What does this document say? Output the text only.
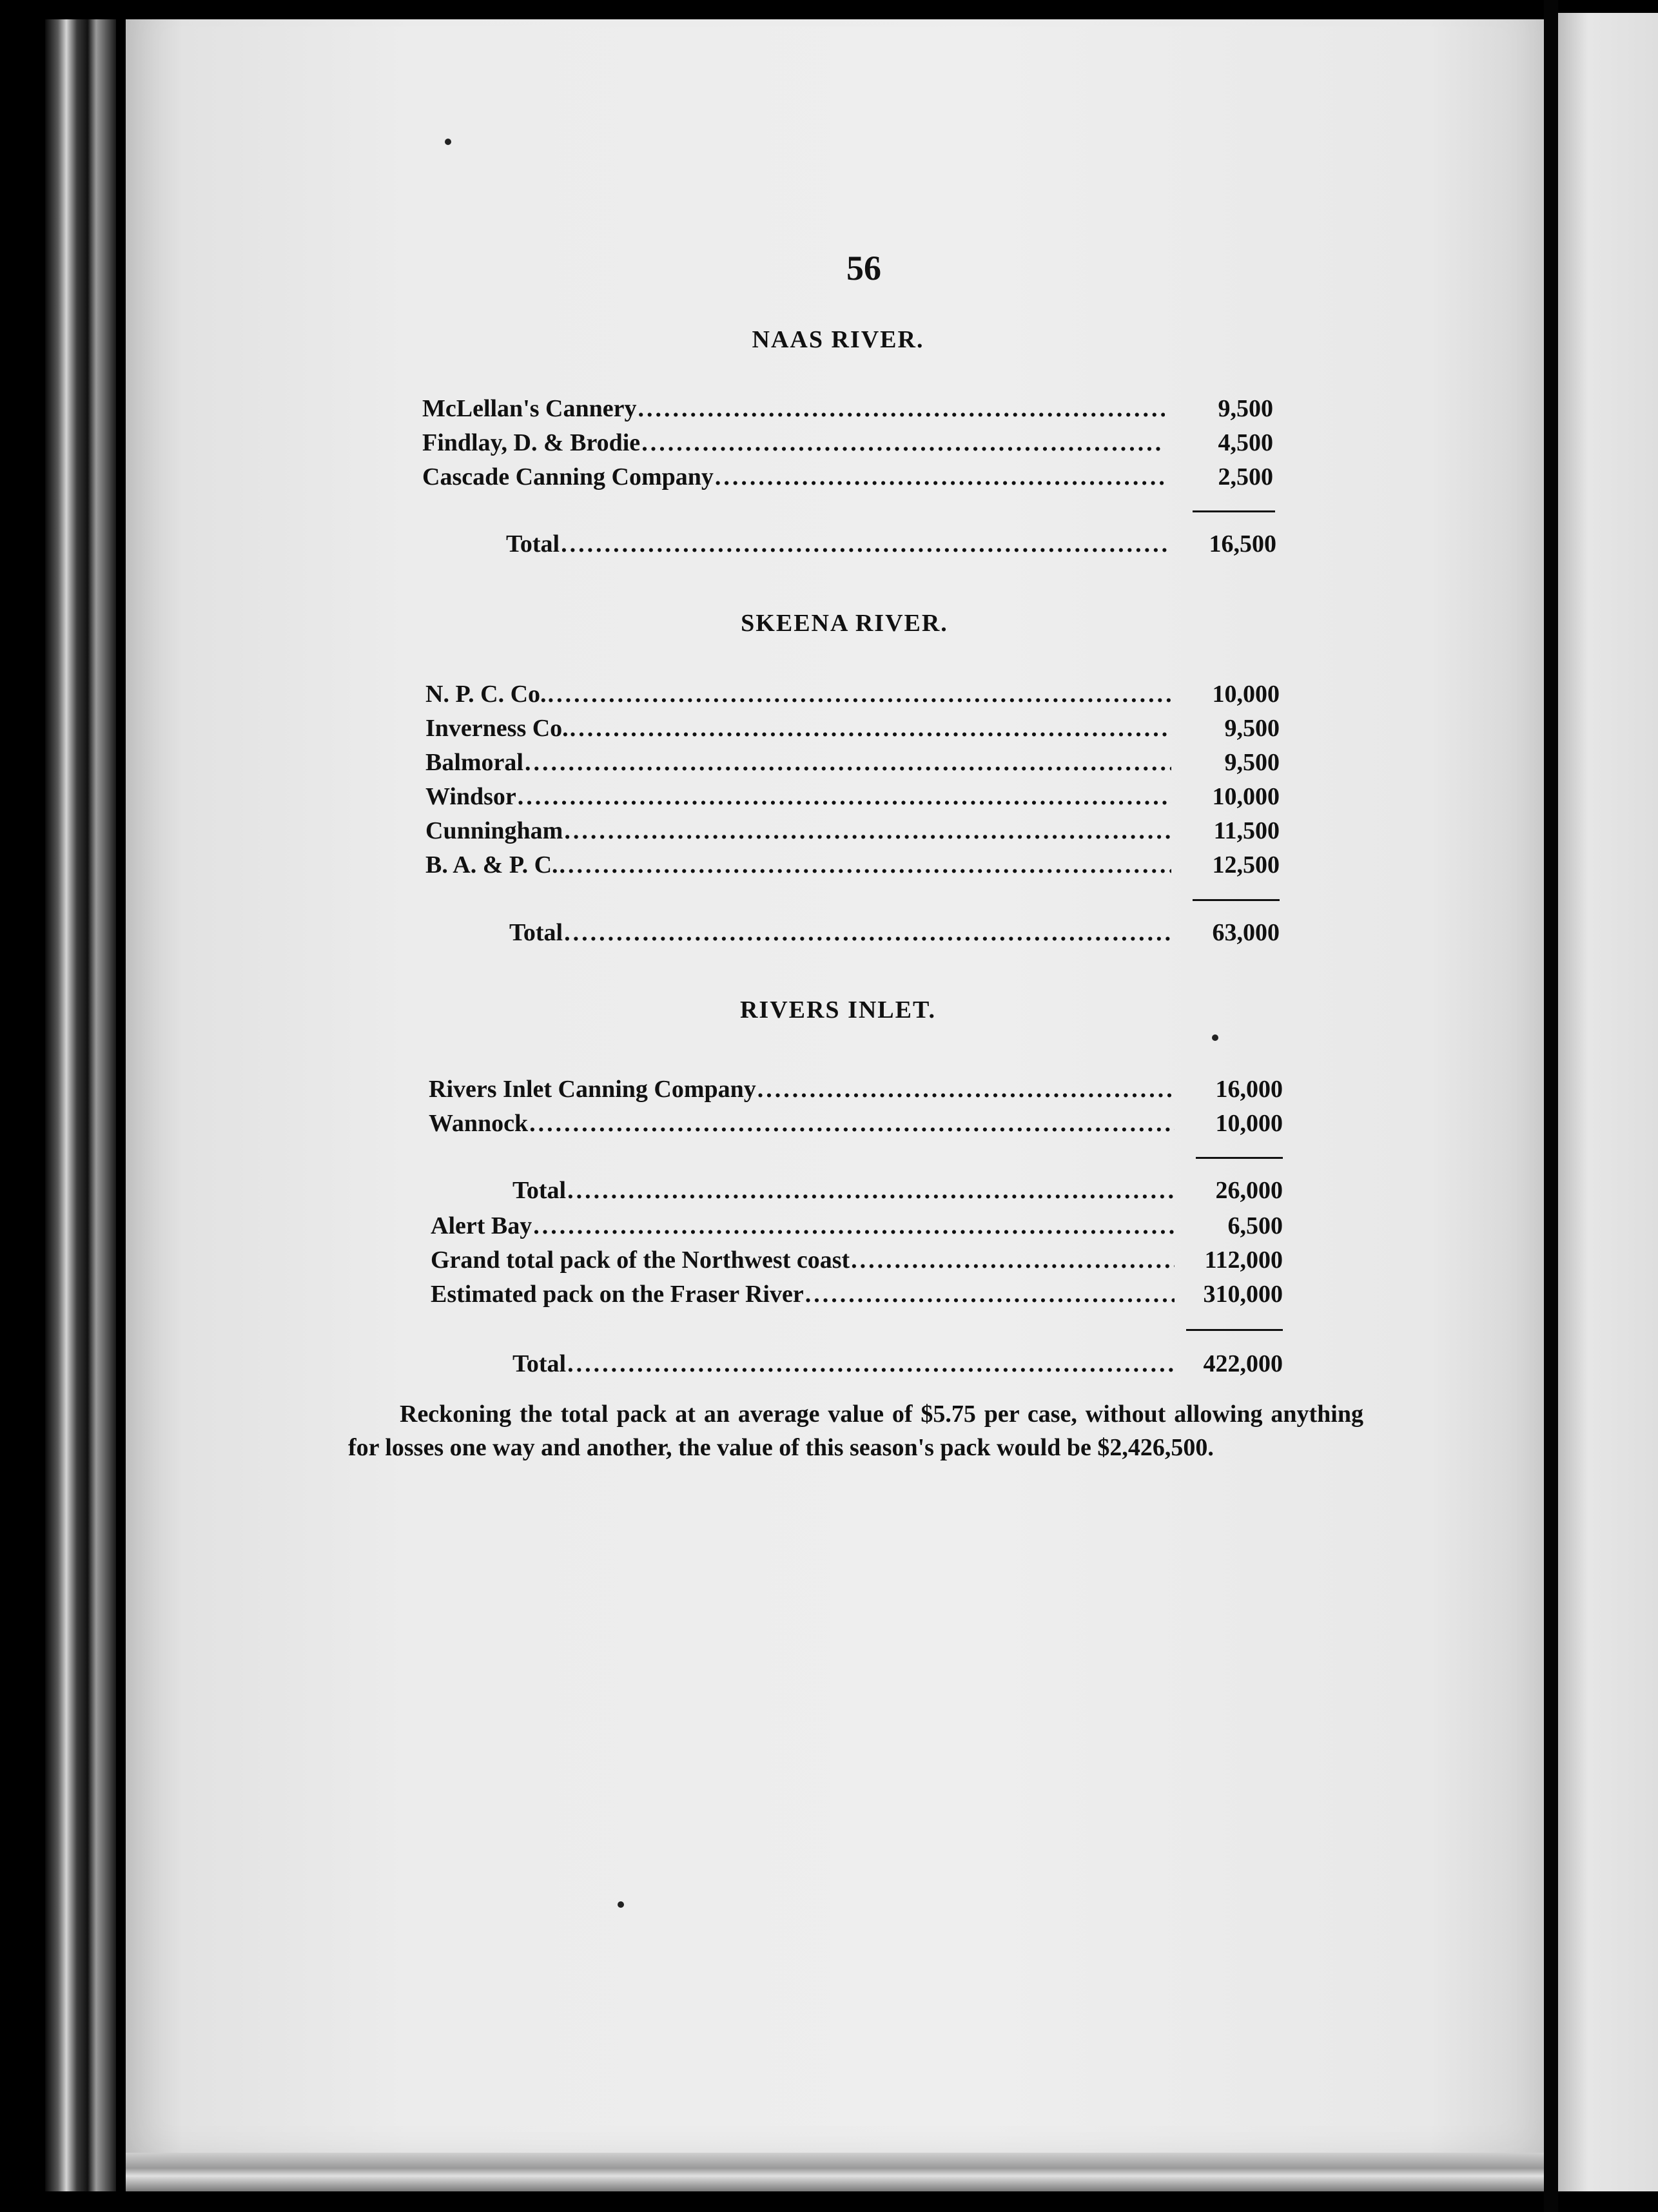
56
NAAS RIVER.
McLellan's Cannery .....	9,500
Findlay, D. & Brodie .....	4,500
Cascade Canning Company .....	2,500
Total .....	16,500
SKEENA RIVER.
N. P. C. Co. .....	10,000
Inverness Co. .....	9,500
Balmoral .....	9,500
Windsor .....	10,000
Cunningham .....	11,500
B. A. & P. C. .....	12,500
Total .....	63,000
RIVERS INLET.
Rivers Inlet Canning Company .....	16,000
Wannock .....	10,000
Total .....	26,000
Alert Bay .....	6,500
Grand total pack of the Northwest coast .....	112,000
Estimated pack on the Fraser River .....	310,000
Total .....	422,000
Reckoning the total pack at an average value of $5.75 per case, without allowing anything for losses one way and another, the value of this season's pack would be $2,426,500.
